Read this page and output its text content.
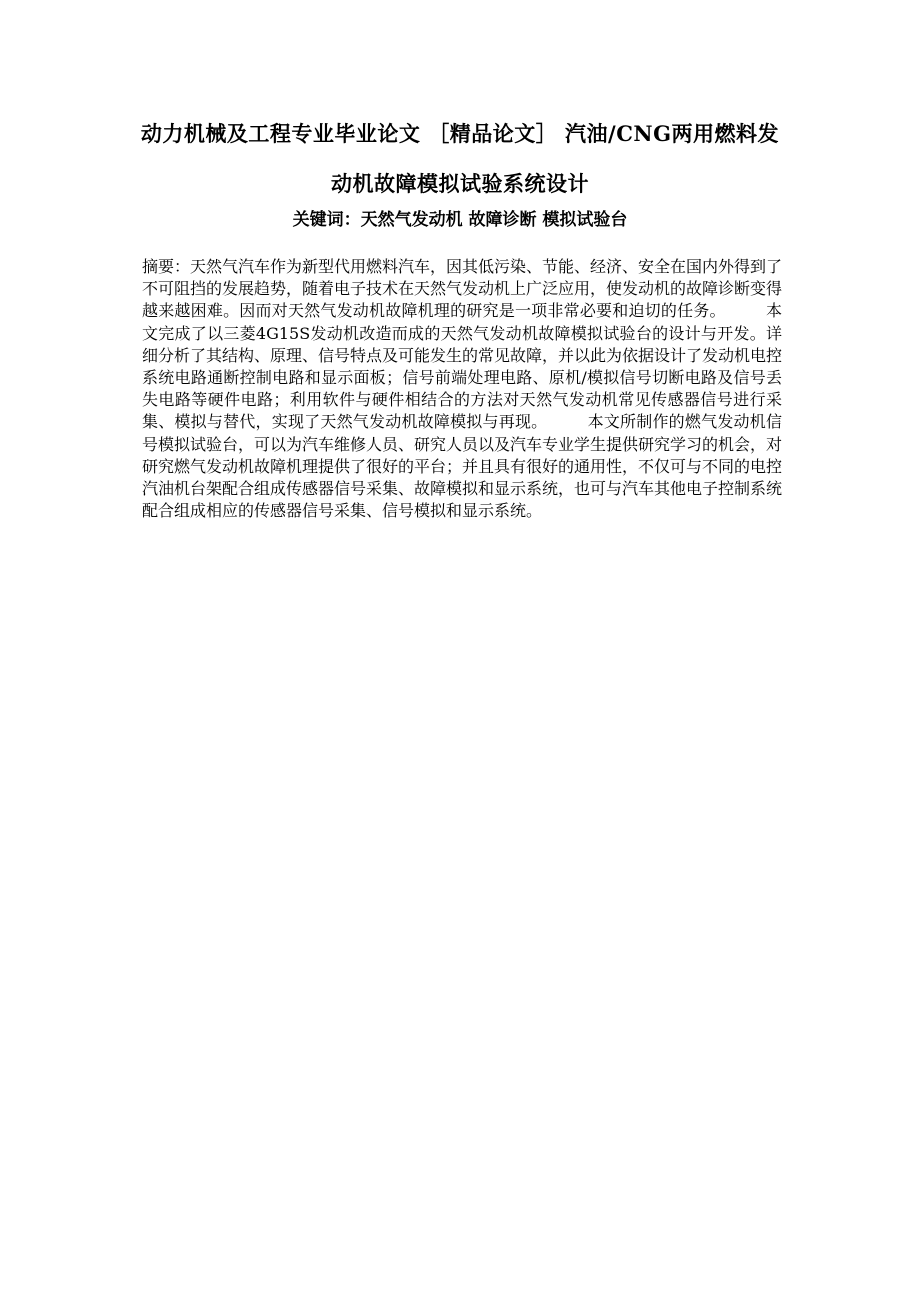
动力机械及工程专业毕业论文 ［精品论文］ 汽油/CNG两用燃料发
动机故障模拟试验系统设计
关键词：天然气发动机 故障诊断 模拟试验台

摘要：天然气汽车作为新型代用燃料汽车，因其低污染、节能、经济、安全在国内外得到了不可阻挡的发展趋势，随着电子技术在天然气发动机上广泛应用，使发动机的故障诊断变得越来越困难。因而对天然气发动机故障机理的研究是一项非常必要和迫切的任务。	本文完成了以三菱4G15S发动机改造而成的天然气发动机故障模拟试验台的设计与开发。详细分析了其结构、原理、信号特点及可能发生的常见故障，并以此为依据设计了发动机电控系统电路通断控制电路和显示面板；信号前端处理电路、原机/模拟信号切断电路及信号丢失电路等硬件电路；利用软件与硬件相结合的方法对天然气发动机常见传感器信号进行采集、模拟与替代，实现了天然气发动机故障模拟与再现。	本文所制作的燃气发动机信号模拟试验台，可以为汽车维修人员、研究人员以及汽车专业学生提供研究学习的机会，对研究燃气发动机故障机理提供了很好的平台；并且具有很好的通用性，不仅可与不同的电控汽油机台架配合组成传感器信号采集、故障模拟和显示系统，也可与汽车其他电子控制系统配合组成相应的传感器信号采集、信号模拟和显示系统。
